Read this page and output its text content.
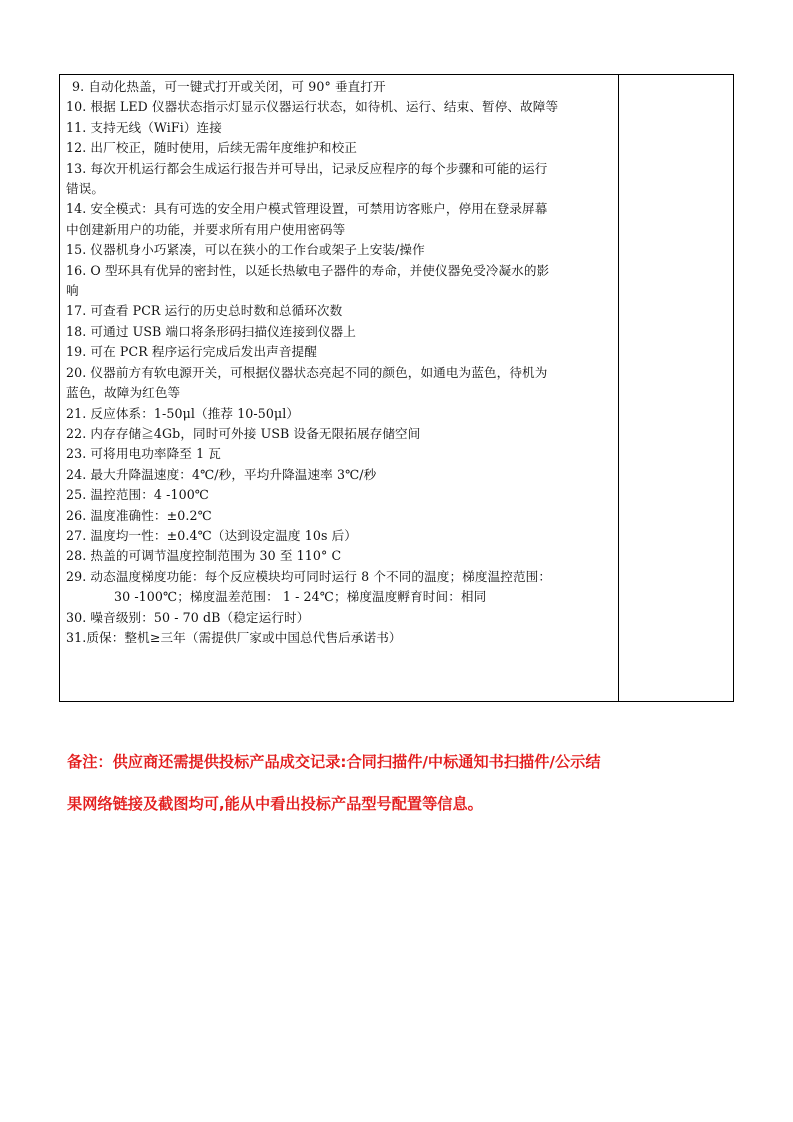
9. 自动化热盖，可一键式打开或关闭，可 90° 垂直打开
10. 根据 LED 仪器状态指示灯显示仪器运行状态，如待机、运行、结束、暂停、故障等
11. 支持无线（WiFi）连接
12. 出厂校正，随时使用，后续无需年度维护和校正
13. 每次开机运行都会生成运行报告并可导出，记录反应程序的每个步骤和可能的运行
错误。
14. 安全模式：具有可选的安全用户模式管理设置，可禁用访客账户，停用在登录屏幕
中创建新用户的功能，并要求所有用户使用密码等
15. 仪器机身小巧紧凑，可以在狭小的工作台或架子上安装/操作
16. O 型环具有优异的密封性，以延长热敏电子器件的寿命，并使仪器免受冷凝水的影
响
17. 可查看 PCR 运行的历史总时数和总循环次数
18. 可通过 USB 端口将条形码扫描仪连接到仪器上
19. 可在 PCR 程序运行完成后发出声音提醒
20. 仪器前方有软电源开关，可根据仪器状态亮起不同的颜色，如通电为蓝色，待机为
蓝色，故障为红色等
21. 反应体系：1-50μl（推荐 10-50μl）
22. 内存存储≧4Gb，同时可外接 USB 设备无限拓展存储空间
23. 可将用电功率降至 1 瓦
24. 最大升降温速度：4℃/秒，平均升降温速率 3℃/秒
25. 温控范围：4 -100℃
26. 温度准确性：±0.2℃
27. 温度均一性：±0.4℃（达到设定温度 10s 后）
28. 热盖的可调节温度控制范围为 30 至 110° C
29. 动态温度梯度功能：每个反应模块均可同时运行 8 个不同的温度；梯度温控范围：
30 -100℃；梯度温差范围： 1 - 24℃；梯度温度孵育时间：相同
30. 噪音级别：50 - 70 dB（稳定运行时）
31.质保：整机≥三年（需提供厂家或中国总代售后承诺书）

备注：供应商还需提供投标产品成交记录:合同扫描件/中标通知书扫描件/公示结
果网络链接及截图均可,能从中看出投标产品型号配置等信息。
